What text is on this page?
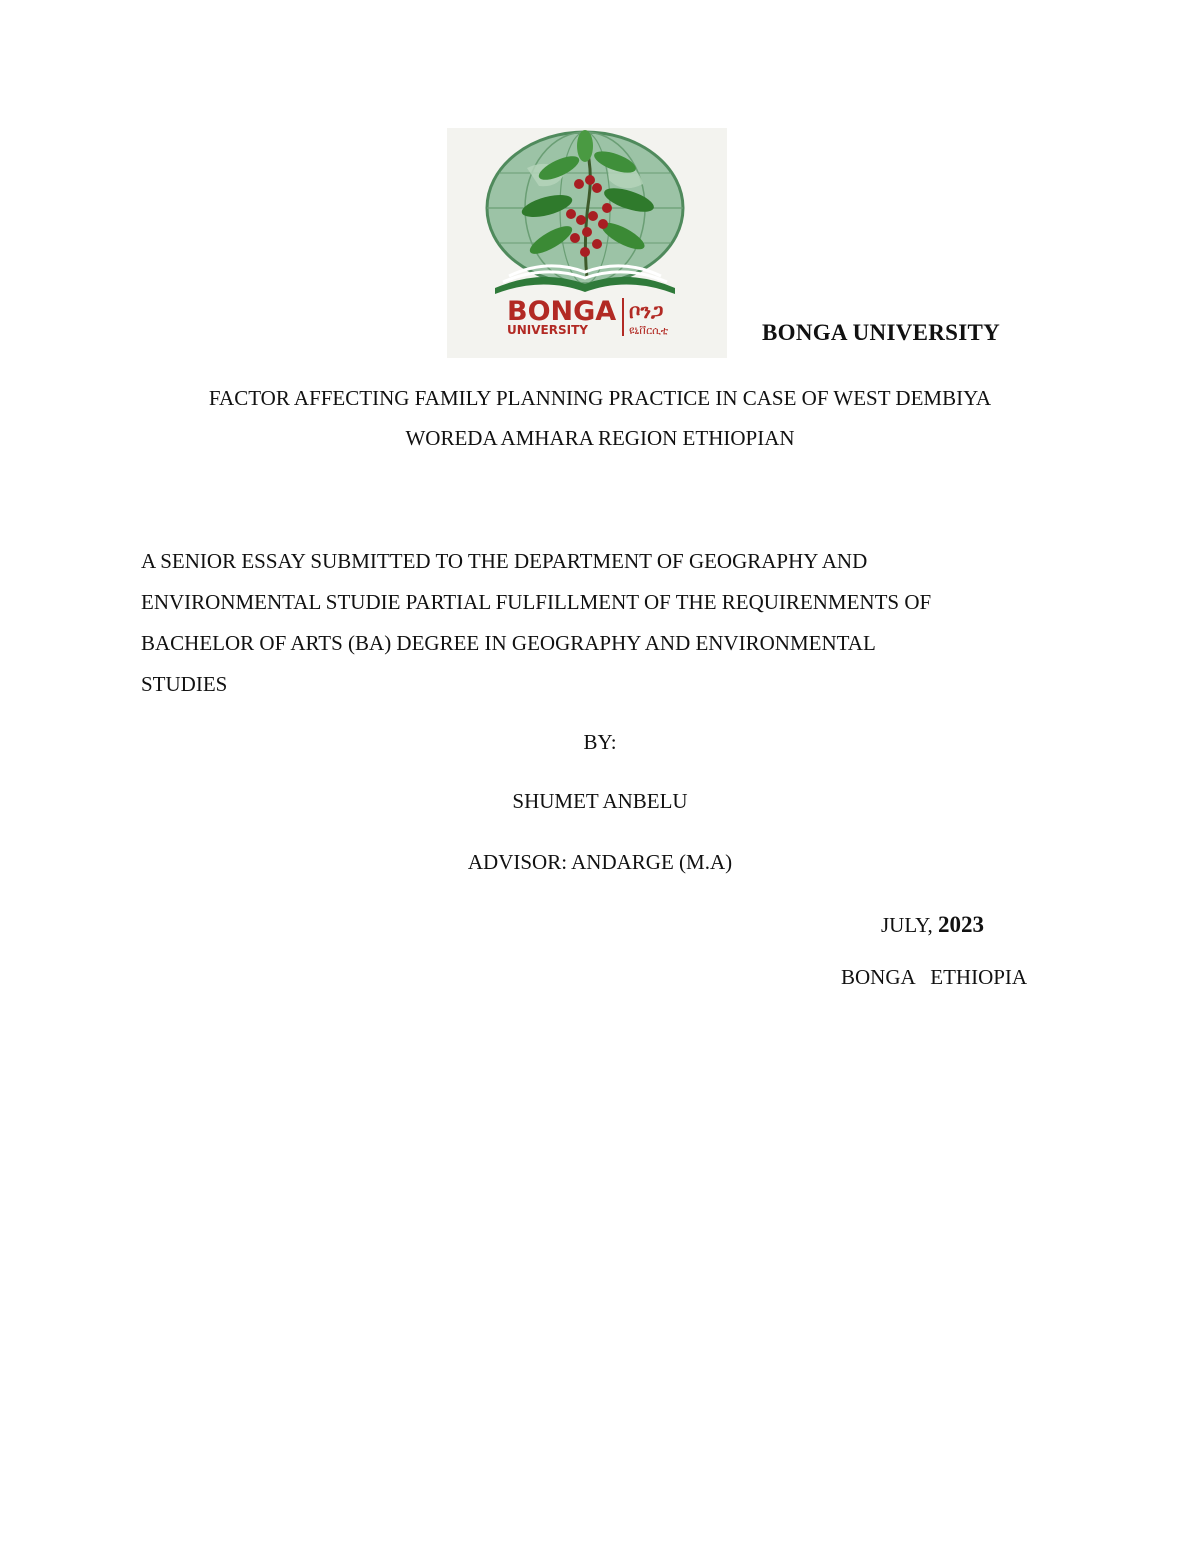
BONGA
UNIVERSITY
ቦንጋ
ዩኒቨርሲቲ	BONGA UNIVERSITY
FACTOR AFFECTING FAMILY PLANNING PRACTICE IN CASE OF WEST DEMBIYA
WOREDA AMHARA REGION ETHIOPIAN
A SENIOR ESSAY SUBMITTED TO THE DEPARTMENT OF GEOGRAPHY AND
ENVIRONMENTAL STUDIE PARTIAL FULFILLMENT OF THE REQUIRENMENTS OF
BACHELOR OF ARTS (BA) DEGREE IN GEOGRAPHY AND ENVIRONMENTAL
STUDIES
BY:
SHUMET ANBELU
ADVISOR: ANDARGE (M.A)
JULY, 2023
BONGA   ETHIOPIA
